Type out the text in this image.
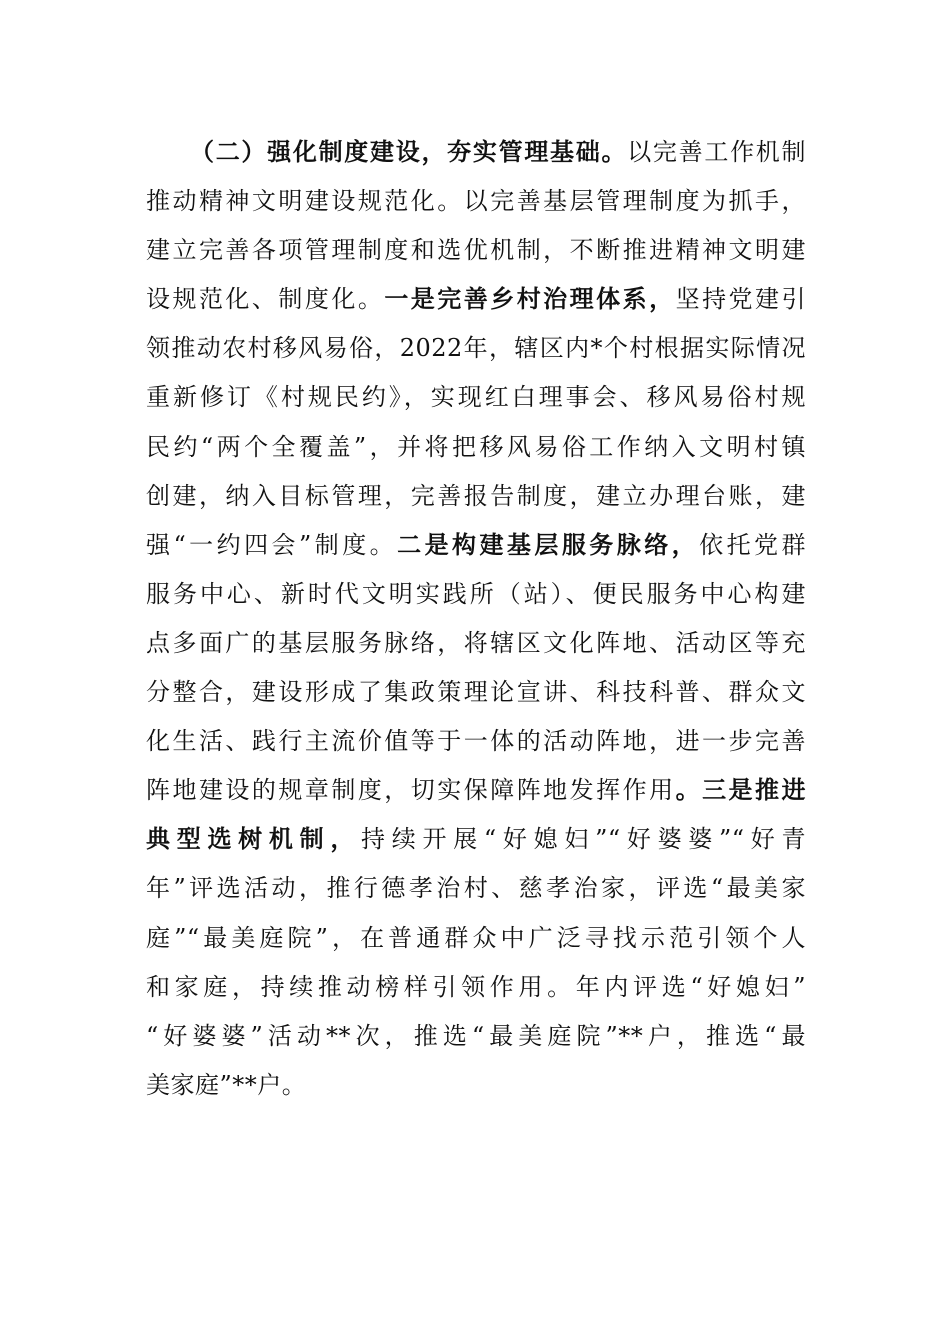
（二）强化制度建设，夯实管理基础。以完善工作机制
推动精神文明建设规范化。以完善基层管理制度为抓手，
建立完善各项管理制度和选优机制，不断推进精神文明建
设规范化、制度化。一是完善乡村治理体系，坚持党建引
领推动农村移风易俗，2022年，辖区内*个村根据实际情况
重新修订《村规民约》，实现红白理事会、移风易俗村规
民约“两个全覆盖”，并将把移风易俗工作纳入文明村镇
创建，纳入目标管理，完善报告制度，建立办理台账，建
强“一约四会”制度。二是构建基层服务脉络，依托党群
服务中心、新时代文明实践所（站）、便民服务中心构建
点多面广的基层服务脉络，将辖区文化阵地、活动区等充
分整合，建设形成了集政策理论宣讲、科技科普、群众文
化生活、践行主流价值等于一体的活动阵地，进一步完善
阵地建设的规章制度，切实保障阵地发挥作用。三是推进
典型选树机制，持续开展“好媳妇”“好婆婆”“好青
年”评选活动，推行德孝治村、慈孝治家，评选“最美家
庭”“最美庭院”，在普通群众中广泛寻找示范引领个人
和家庭，持续推动榜样引领作用。年内评选“好媳妇”
“好婆婆”活动**次，推选“最美庭院”**户，推选“最
美家庭”**户。
